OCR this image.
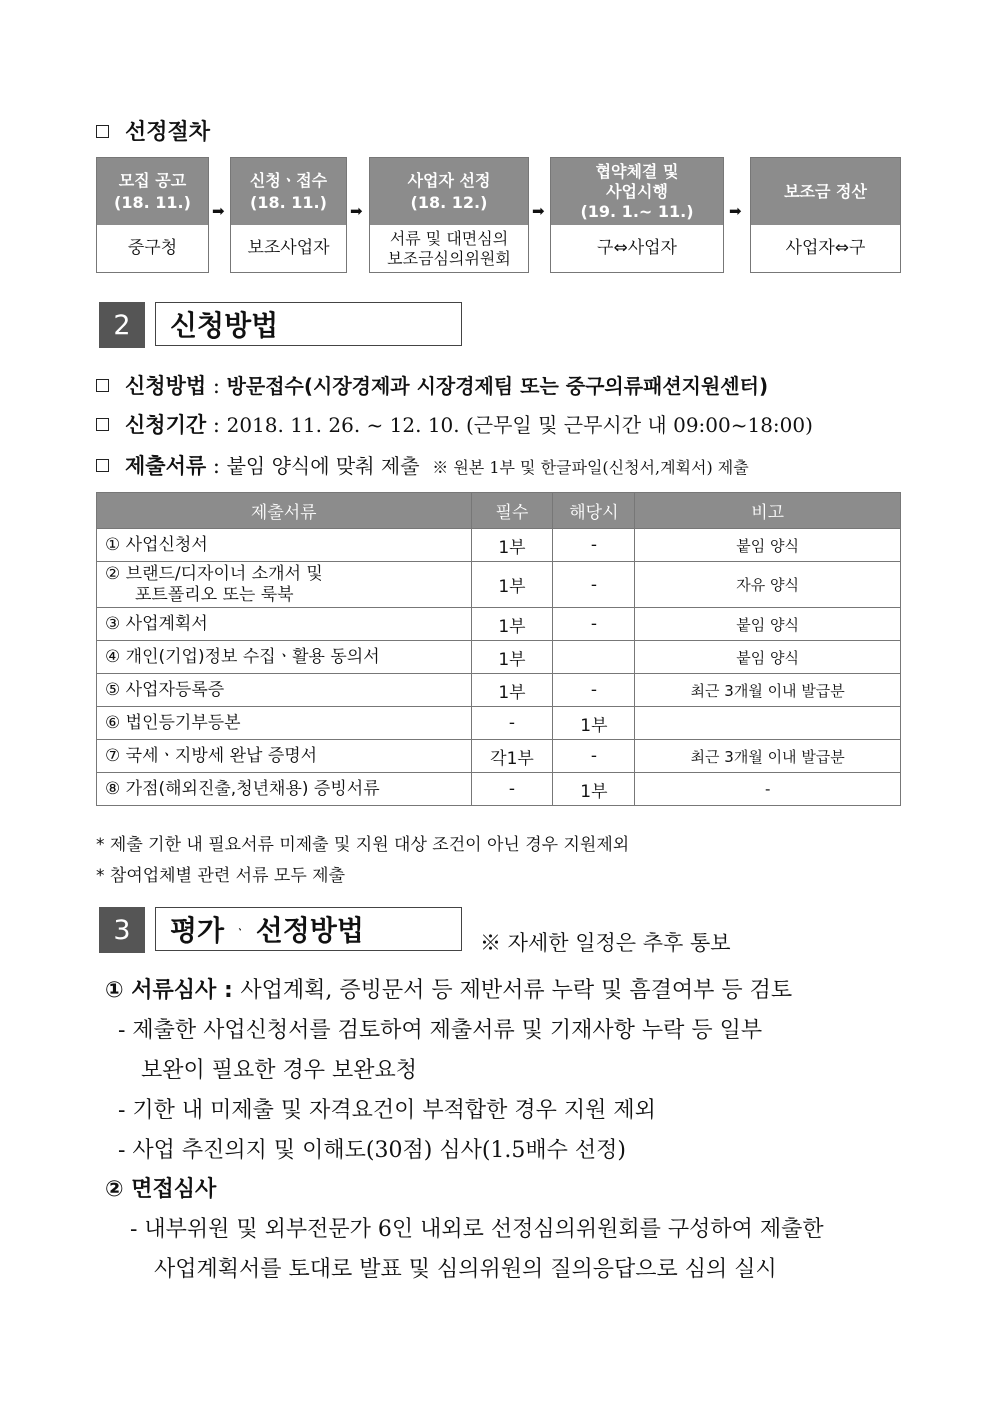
선정절차
모집 공고
(18. 11.)
중구청
➡
신청ㆍ접수
(18. 11.)
보조사업자
➡
사업자 선정
(18. 12.)
서류 및 대면심의
보조금심의위원회
➡
협약체결 및
사업시행
(19. 1.~ 11.)
구⇔사업자
➡
보조금 정산
사업자⇔구
2	신청방법
신청방법 : 방문접수(시장경제과 시장경제팀 또는 중구의류패션지원센터)
신청기간 : 2018. 11. 26. ~ 12. 10. (근무일 및 근무시간 내 09:00~18:00)
제출서류 : 붙임 양식에 맞춰 제출 ※ 원본 1부 및 한글파일(신청서,계획서) 제출
제출서류	필수	해당시	비고
① 사업신청서	1부	-	붙임 양식

② 브랜드/디자이너 소개서 및
포트폴리오 또는 룩북	1부	-	자유 양식
③ 사업계획서	1부	-	붙임 양식
④ 개인(기업)정보 수집ㆍ활용 동의서	1부		붙임 양식
⑤ 사업자등록증	1부	-	최근 3개월 이내 발급분
⑥ 법인등기부등본	-	1부	
⑦ 국세ㆍ지방세 완납 증명서	각1부	-	최근 3개월 이내 발급분
⑧ 가점(해외진출,청년채용) 증빙서류	-	1부	-
* 제출 기한 내 필요서류 미제출 및 지원 대상 조건이 아닌 경우 지원제외
* 참여업체별 관련 서류 모두 제출
3	평가 ㆍ 선정방법	※ 자세한 일정은 추후 통보
① 서류심사 : 사업계획, 증빙문서 등 제반서류 누락 및 흠결여부 등 검토
- 제출한 사업신청서를 검토하여 제출서류 및 기재사항 누락 등 일부
보완이 필요한 경우 보완요청
- 기한 내 미제출 및 자격요건이 부적합한 경우 지원 제외
- 사업 추진의지 및 이해도(30점) 심사(1.5배수 선정)
② 면접심사
- 내부위원 및 외부전문가 6인 내외로 선정심의위원회를 구성하여 제출한
사업계획서를 토대로 발표 및 심의위원의 질의응답으로 심의 실시
